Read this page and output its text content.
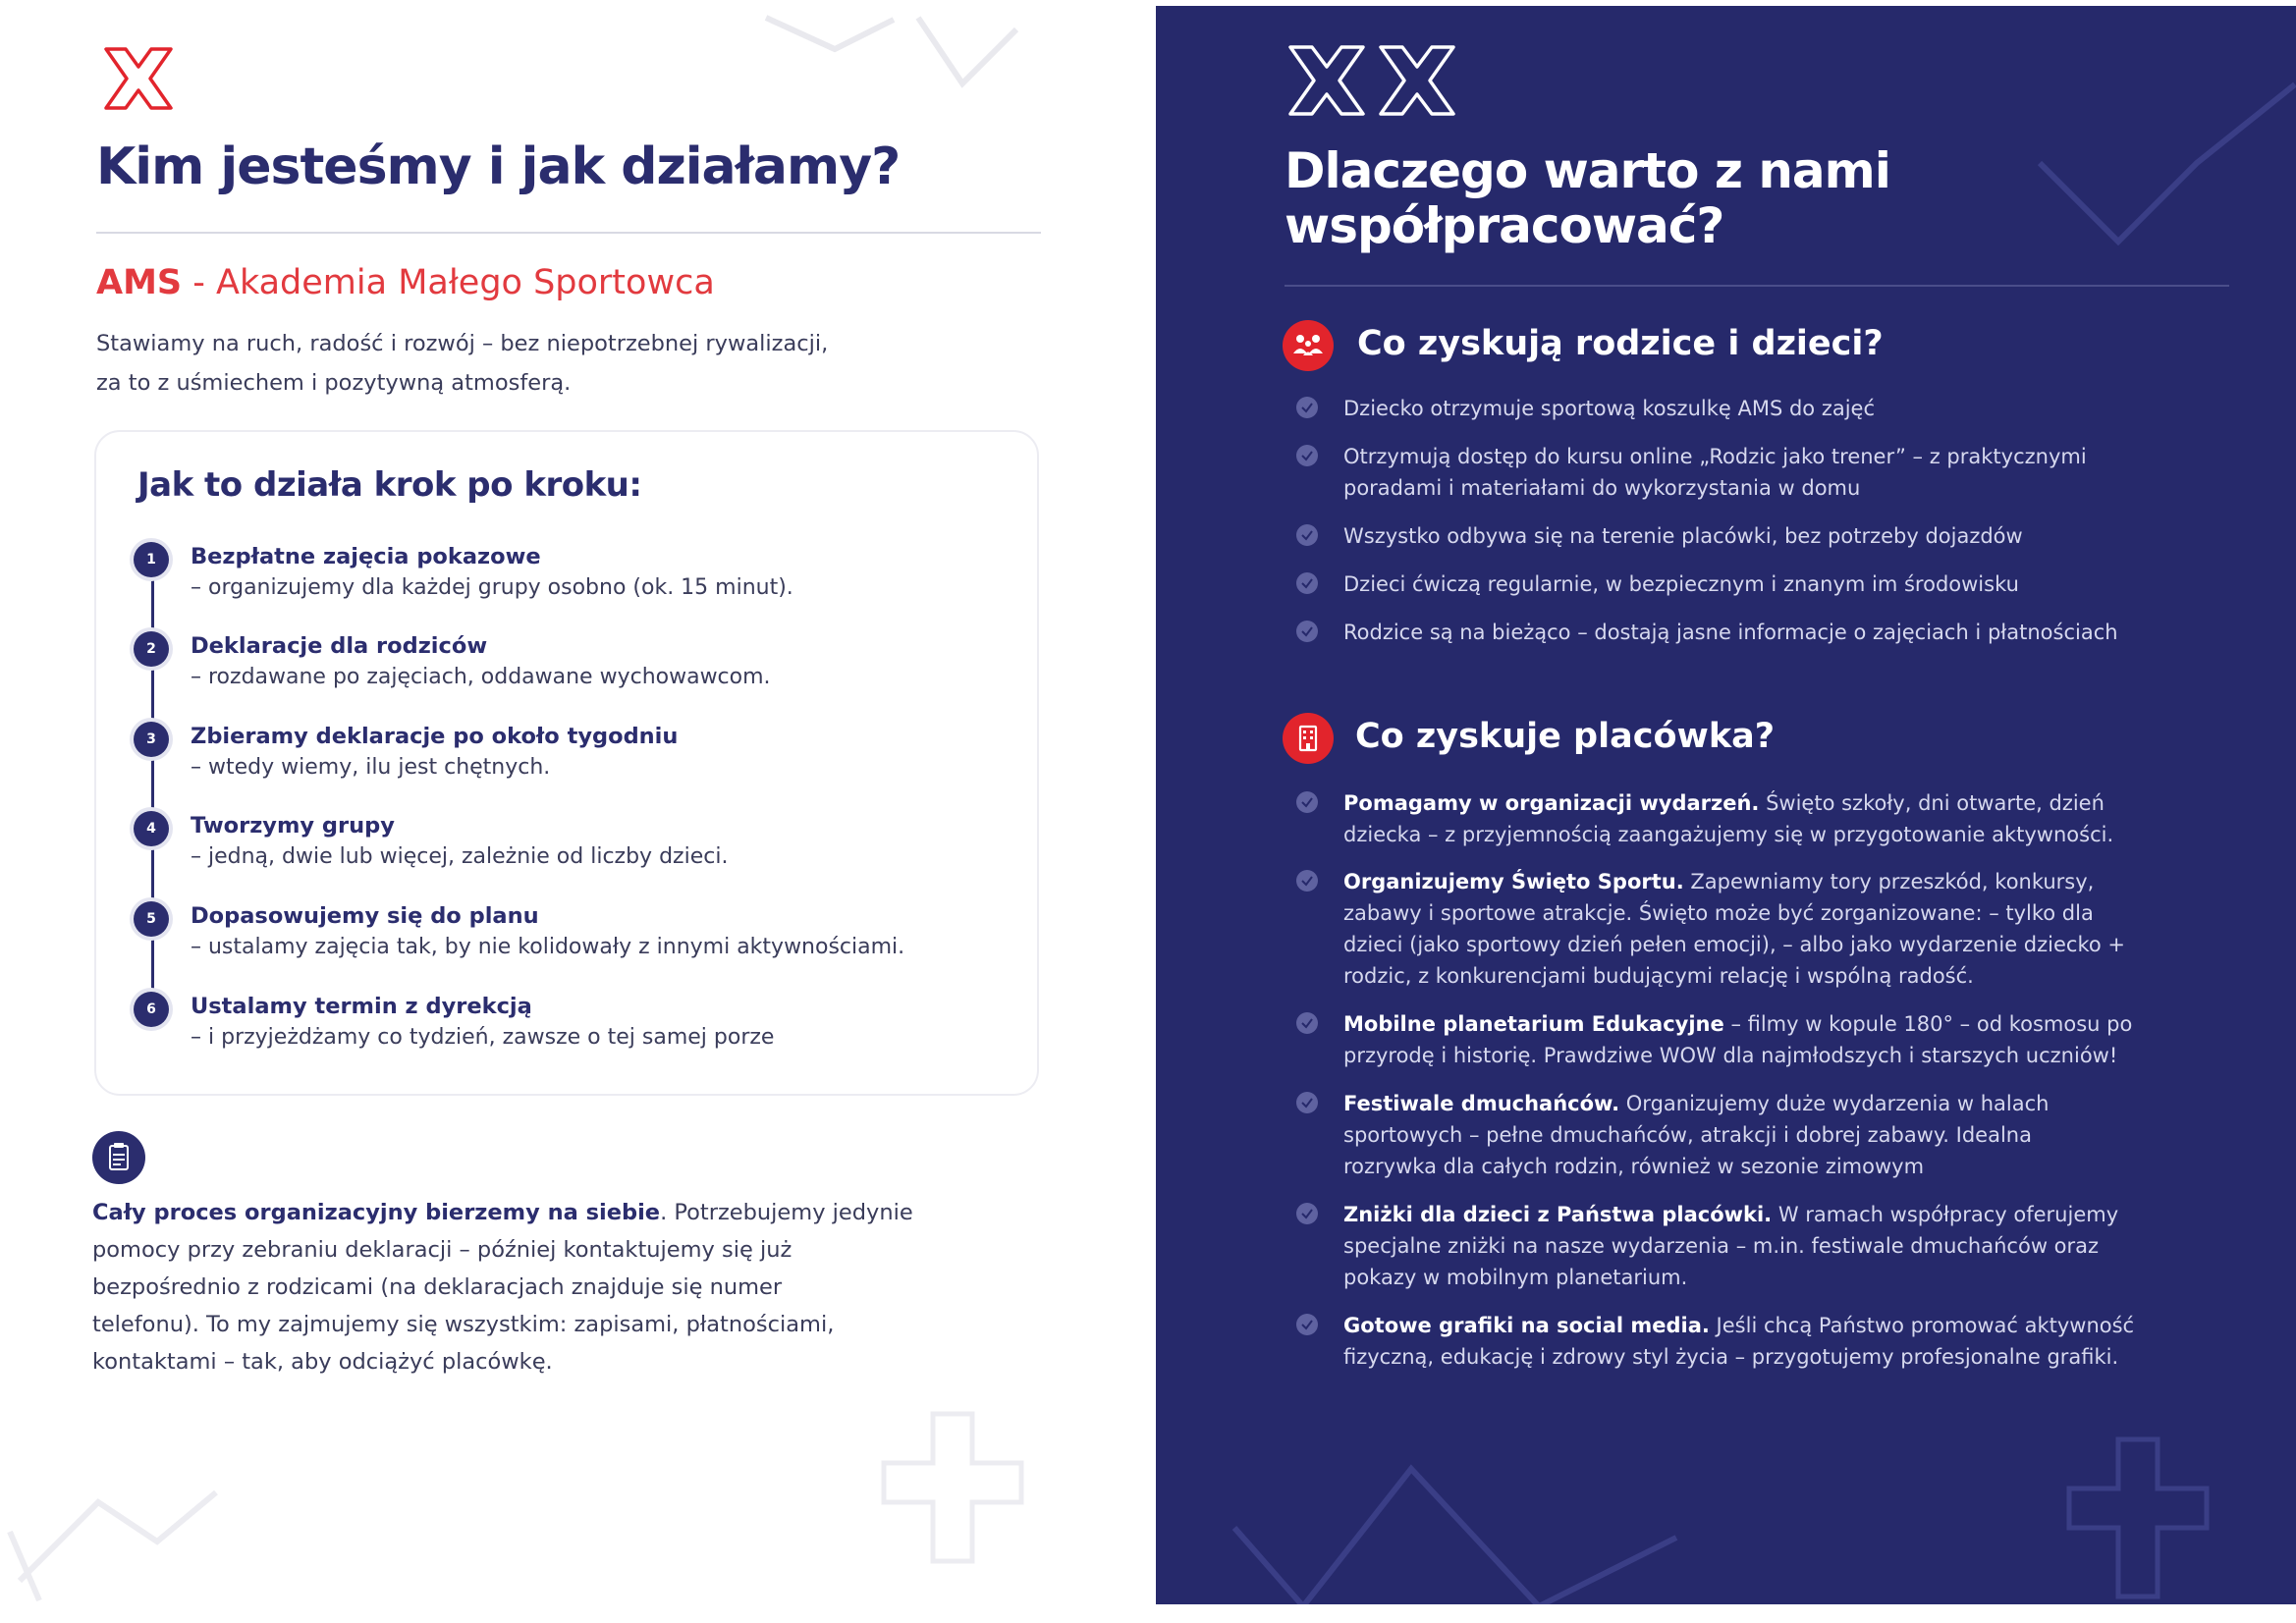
Kim jesteśmy i jak działamy?
AMS - Akademia Małego Sportowca
Stawiamy na ruch, radość i rozwój – bez niepotrzebnej rywalizacji,
za to z uśmiechem i pozytywną atmosferą.
Jak to działa krok po kroku:
1	Bezpłatne zajęcia pokazowe
– organizujemy dla każdej grupy osobno (ok. 15 minut).
2	Deklaracje dla rodziców
– rozdawane po zajęciach, oddawane wychowawcom.
3	Zbieramy deklaracje po około tygodniu
– wtedy wiemy, ilu jest chętnych.
4	Tworzymy grupy
– jedną, dwie lub więcej, zależnie od liczby dzieci.
5	Dopasowujemy się do planu
– ustalamy zajęcia tak, by nie kolidowały z innymi aktywnościami.
6	Ustalamy termin z dyrekcją
– i przyjeżdżamy co tydzień, zawsze o tej samej porze
Cały proces organizacyjny bierzemy na siebie. Potrzebujemy jedynie
pomocy przy zebraniu deklaracji – później kontaktujemy się już
bezpośrednio z rodzicami (na deklaracjach znajduje się numer
telefonu). To my zajmujemy się wszystkim: zapisami, płatnościami,
kontaktami – tak, aby odciążyć placówkę.
Dlaczego warto z nami
współpracować?
Co zyskują rodzice i dzieci?
Dziecko otrzymuje sportową koszulkę AMS do zajęć
Otrzymują dostęp do kursu online „Rodzic jako trener” – z praktycznymi
poradami i materiałami do wykorzystania w domu
Wszystko odbywa się na terenie placówki, bez potrzeby dojazdów
Dzieci ćwiczą regularnie, w bezpiecznym i znanym im środowisku
Rodzice są na bieżąco – dostają jasne informacje o zajęciach i płatnościach
Co zyskuje placówka?
Pomagamy w organizacji wydarzeń. Święto szkoły, dni otwarte, dzień
dziecka – z przyjemnością zaangażujemy się w przygotowanie aktywności.
Organizujemy Święto Sportu. Zapewniamy tory przeszkód, konkursy,
zabawy i sportowe atrakcje. Święto może być zorganizowane: – tylko dla
dzieci (jako sportowy dzień pełen emocji), – albo jako wydarzenie dziecko +
rodzic, z konkurencjami budującymi relację i wspólną radość.
Mobilne planetarium Edukacyjne – filmy w kopule 180° – od kosmosu po
przyrodę i historię. Prawdziwe WOW dla najmłodszych i starszych uczniów!
Festiwale dmuchańców. Organizujemy duże wydarzenia w halach
sportowych – pełne dmuchańców, atrakcji i dobrej zabawy. Idealna
rozrywka dla całych rodzin, również w sezonie zimowym
Zniżki dla dzieci z Państwa placówki. W ramach współpracy oferujemy
specjalne zniżki na nasze wydarzenia – m.in. festiwale dmuchańców oraz
pokazy w mobilnym planetarium.
Gotowe grafiki na social media. Jeśli chcą Państwo promować aktywność
fizyczną, edukację i zdrowy styl życia – przygotujemy profesjonalne grafiki.
